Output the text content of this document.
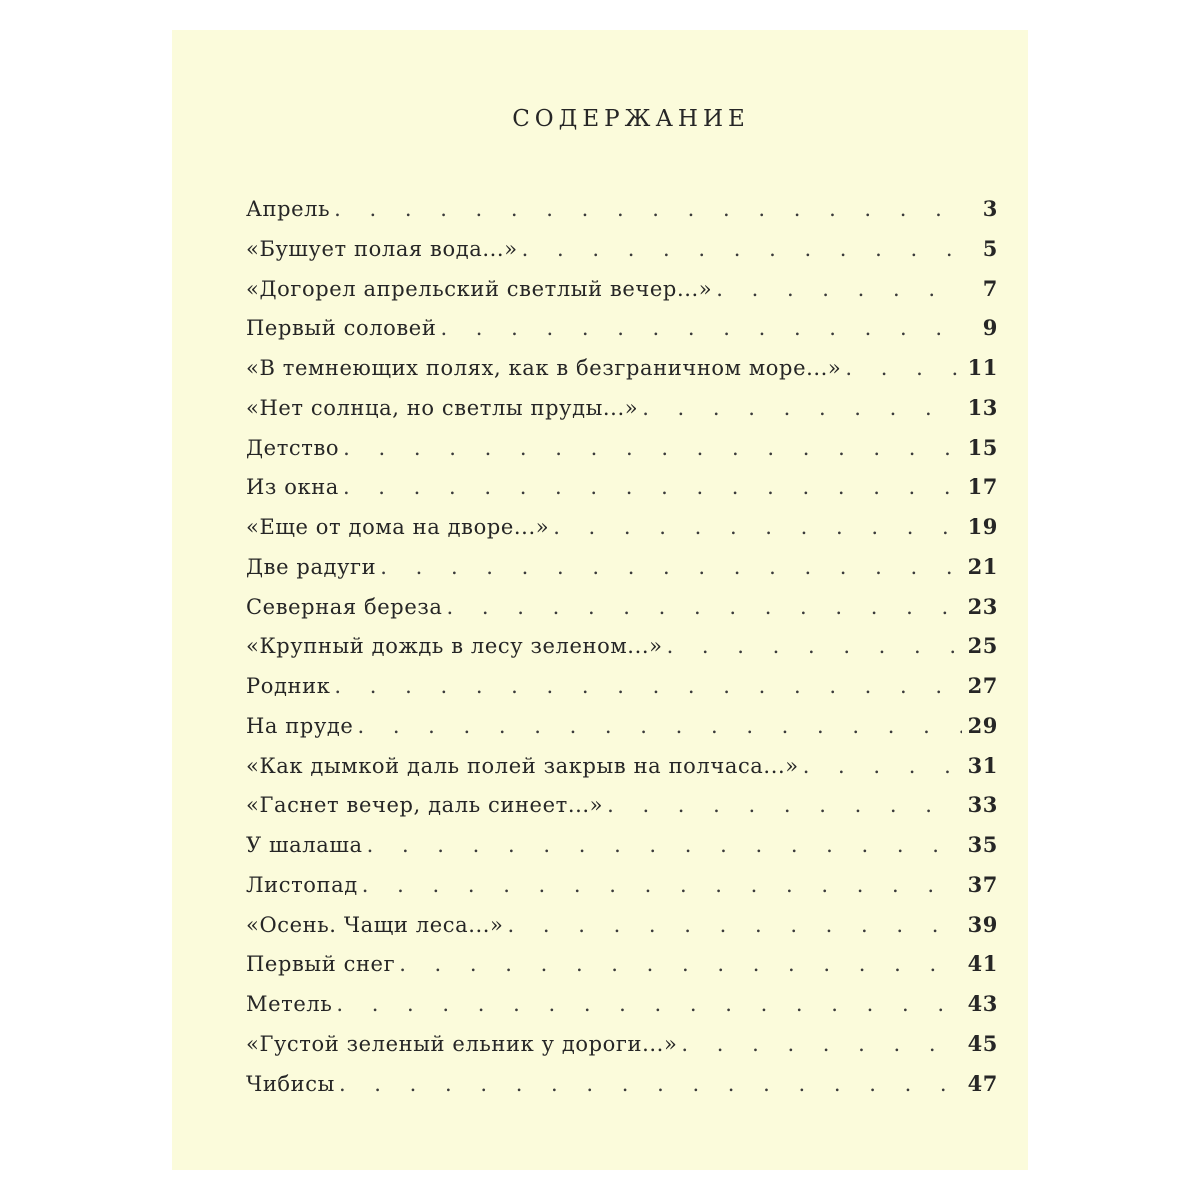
СОДЕРЖАНИЕ
Апрель . . .	3
«Бушует полая вода...» . . .	5
«Догорел апрельский светлый вечер...» . . .	7
Первый соловей . . .	9
«В темнеющих полях, как в безграничном море...» . . .	11
«Нет солнца, но светлы пруды...» . . .	13
Детство . . .	15
Из окна . . .	17
«Еще от дома на дворе...» . . .	19
Две радуги . . .	21
Северная береза . . .	23
«Крупный дождь в лесу зеленом...» . . .	25
Родник . . .	27
На пруде . . .	29
«Как дымкой даль полей закрыв на полчаса...» . . .	31
«Гаснет вечер, даль синеет...» . . .	33
У шалаша . . .	35
Листопад . . .	37
«Осень. Чащи леса...» . . .	39
Первый снег . . .	41
Метель . . .	43
«Густой зеленый ельник у дороги...» . . .	45
Чибисы . . .	47
